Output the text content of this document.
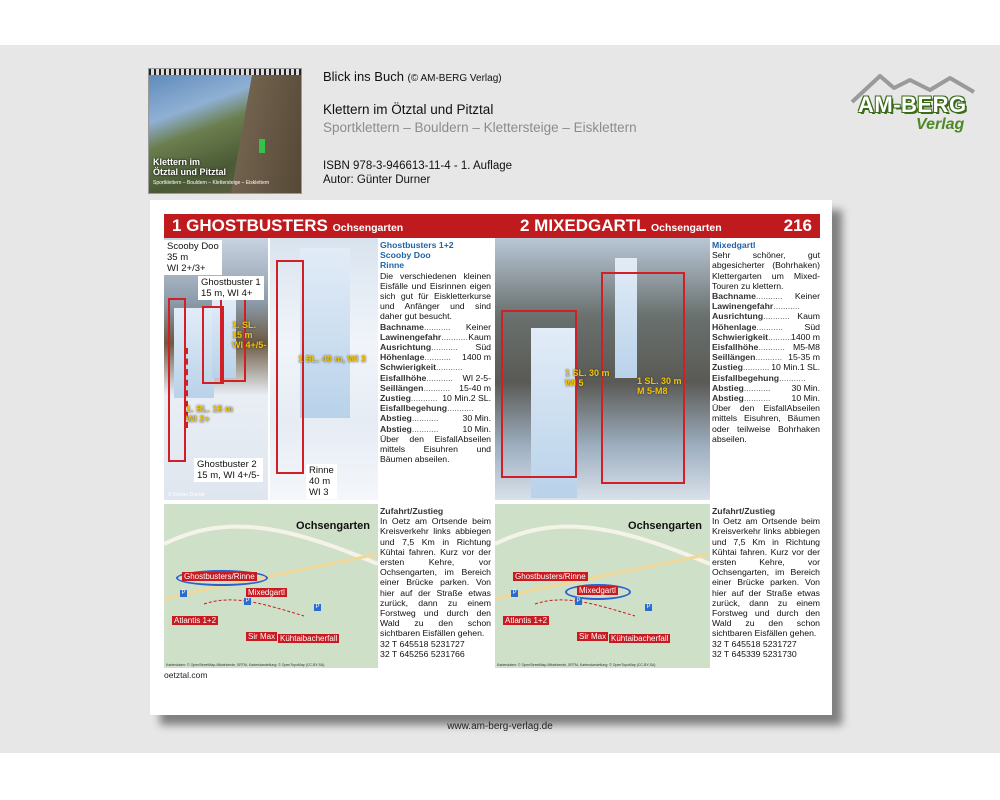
Klettern im
Ötztal und Pitztal
Sportklettern – Bouldern – Klettersteige – Eisklettern
Blick ins Buch (© AM-BERG Verlag)
Klettern im Ötztal und Pitztal
Sportklettern – Bouldern – Klettersteige – Eisklettern
ISBN 978-3-946613-11-4 - 1. Auflage
Autor: Günter Durner
AM-BERG
Verlag
1 GHOSTBUSTERS Ochsengarten	2 MIXEDGARTL Ochsengarten	216
Scooby Doo
35 m
WI 2+/3+
Ghostbuster 1
15 m, WI 4+
1. SL.
15 m
WI 4+/5-
1. SL. 15 m
WI 2+
Ghostbuster 2
15 m, WI 4+/5-
© Günter Durner
1 SL. 40 m, WI 3
Rinne
40 m
WI 3
Ghostbusters 1+2
Scooby Doo
Rinne
Die verschiedenen kleinen Eisfälle und Eisrinnen eigen sich gut für Eiskletterkurse und Anfänger und sind daher gut besucht.
Bachname........... Keiner
Lawinengefahr........... Kaum
Ausrichtung........... Süd
Höhenlage........... 1400 m
Schwierigkeit...........
WI 2-5-
Eisfallhöhe...........
15-40 m
Seillängen...........
2 SL.
Zustieg........... 10 Min.
Eisfallbegehung...........
30 Min.
Abstieg...........
10 Min.
Abstieg...........
Abseilen
Über den Eisfall mittels Eisuhren und Bäumen abseilen.
1 SL. 30 m
WI 5	1 SL. 30 m
M 5-M8
Mixedgartl
Sehr schöner, gut abgesicherter (Bohrhaken) Klettergarten um Mixed-Touren zu klettern.
Bachname........... Keiner
Lawinengefahr...........
Kaum
Ausrichtung...........
Süd
Höhenlage...........
1400 m
Schwierigkeit...........
M5-M8
Eisfallhöhe...........
15-35 m
Seillängen...........
1 SL.
Zustieg........... 10 Min.
Eisfallbegehung...........
30 Min.
Abstieg...........
10 Min.
Abstieg...........
Abseilen
Über den Eisfall mittels Eisuhren, Bäumen oder teilweise Bohrhaken abseilen.
Ochsengarten
Ghostbusters/Rinne
Mixedgartl
Atlantis 1+2
Sir Max Kühtaibacherfall
P
P
P
Kartendaten: © OpenStreetMap-Mitwirkende, SRTM, Kartendarstellung: © OpenTopoMap (CC-BY-SA)
Zufahrt/Zustieg
In Oetz am Ortsende beim Kreisverkehr links abbiegen und 7,5 Km in Richtung Kühtai fahren. Kurz vor der ersten Kehre, vor Ochsengarten, im Bereich einer Brücke parken. Von hier auf der Straße etwas zurück, dann zu einem Forstweg und durch den Wald zu den schon sichtbaren Eisfällen gehen.
32 T 645518 5231727
32 T 645256 5231766
Ochsengarten
Ghostbusters/Rinne
Mixedgartl
Atlantis 1+2
Sir Max Kühtaibacherfall
P
P
P
Kartendaten: © OpenStreetMap-Mitwirkende, SRTM, Kartendarstellung: © OpenTopoMap (CC-BY-SA)
Zufahrt/Zustieg
In Oetz am Ortsende beim Kreisverkehr links abbiegen und 7,5 Km in Richtung Kühtai fahren. Kurz vor der ersten Kehre, vor Ochsengarten, im Bereich einer Brücke parken. Von hier auf der Straße etwas zurück, dann zu einem Forstweg und durch den Wald zu den schon sichtbaren Eisfällen gehen.
32 T 645518 5231727
32 T 645339 5231730
oetztal.com
www.am-berg-verlag.de
